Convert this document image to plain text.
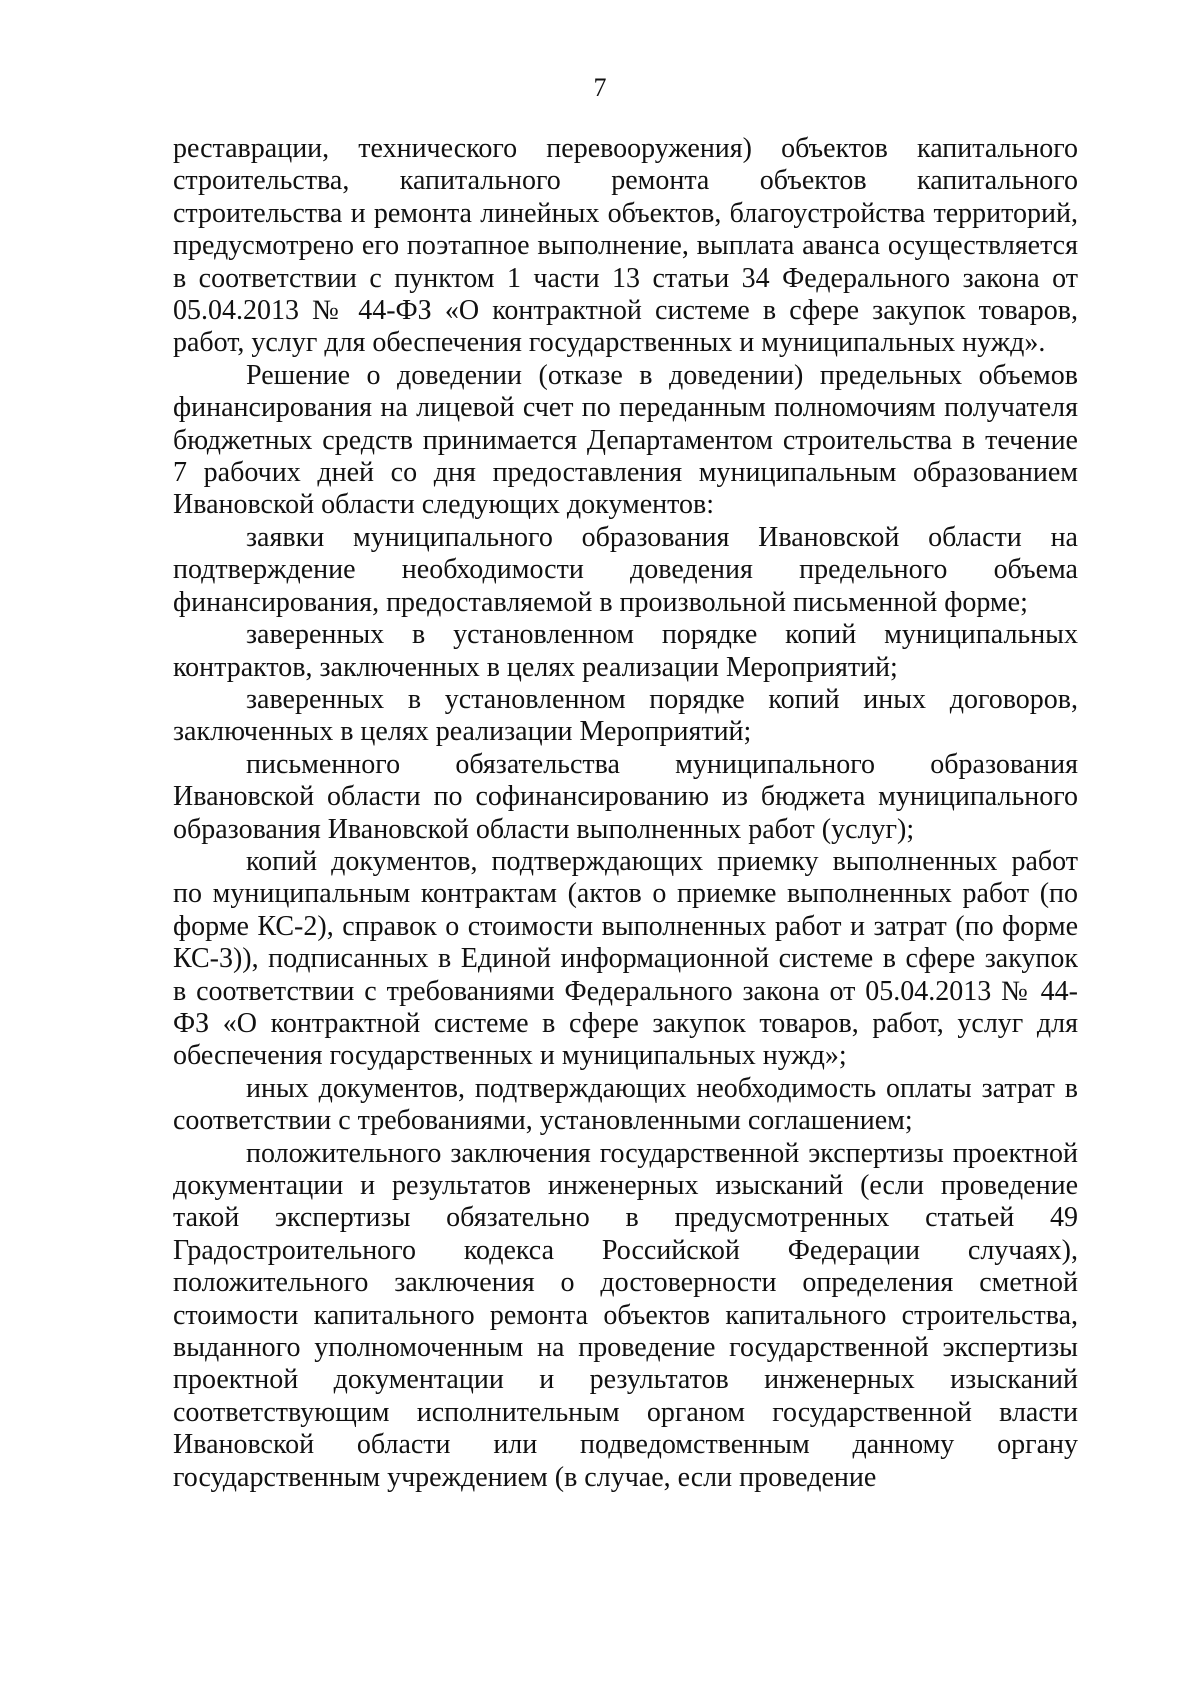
7

реставрации, технического перевооружения) объектов капитального строительства, капитального ремонта объектов капитального строительства и ремонта линейных объектов, благоустройства территорий, предусмотрено его поэтапное выполнение, выплата аванса осуществляется в соответствии с пунктом 1 части 13 статьи 34 Федерального закона от 05.04.2013 № 44-ФЗ «О контрактной системе в сфере закупок товаров, работ, услуг для обеспечения государственных и муниципальных нужд».

Решение о доведении (отказе в доведении) предельных объемов финансирования на лицевой счет по переданным полномочиям получателя бюджетных средств принимается Департаментом строительства в течение 7 рабочих дней со дня предоставления муниципальным образованием Ивановской области следующих документов:

заявки муниципального образования Ивановской области на подтверждение необходимости доведения предельного объема финансирования, предоставляемой в произвольной письменной форме;

заверенных в установленном порядке копий муниципальных контрактов, заключенных в целях реализации Мероприятий;

заверенных в установленном порядке копий иных договоров, заключенных в целях реализации Мероприятий;

письменного обязательства муниципального образования Ивановской области по софинансированию из бюджета муниципального образования Ивановской области выполненных работ (услуг);

копий документов, подтверждающих приемку выполненных работ по муниципальным контрактам (актов о приемке выполненных работ (по форме КС-2), справок о стоимости выполненных работ и затрат (по форме КС-3)), подписанных в Единой информационной системе в сфере закупок в соответствии с требованиями Федерального закона от 05.04.2013 № 44-ФЗ «О контрактной системе в сфере закупок товаров, работ, услуг для обеспечения государственных и муниципальных нужд»;

иных документов, подтверждающих необходимость оплаты затрат в соответствии с требованиями, установленными соглашением;

положительного заключения государственной экспертизы проектной документации и результатов инженерных изысканий (если проведение такой экспертизы обязательно в предусмотренных статьей 49 Градостроительного кодекса Российской Федерации случаях), положительного заключения о достоверности определения сметной стоимости капитального ремонта объектов капитального строительства, выданного уполномоченным на проведение государственной экспертизы проектной документации и результатов инженерных изысканий соответствующим исполнительным органом государственной власти Ивановской области или подведомственным данному органу государственным учреждением (в случае, если проведение
